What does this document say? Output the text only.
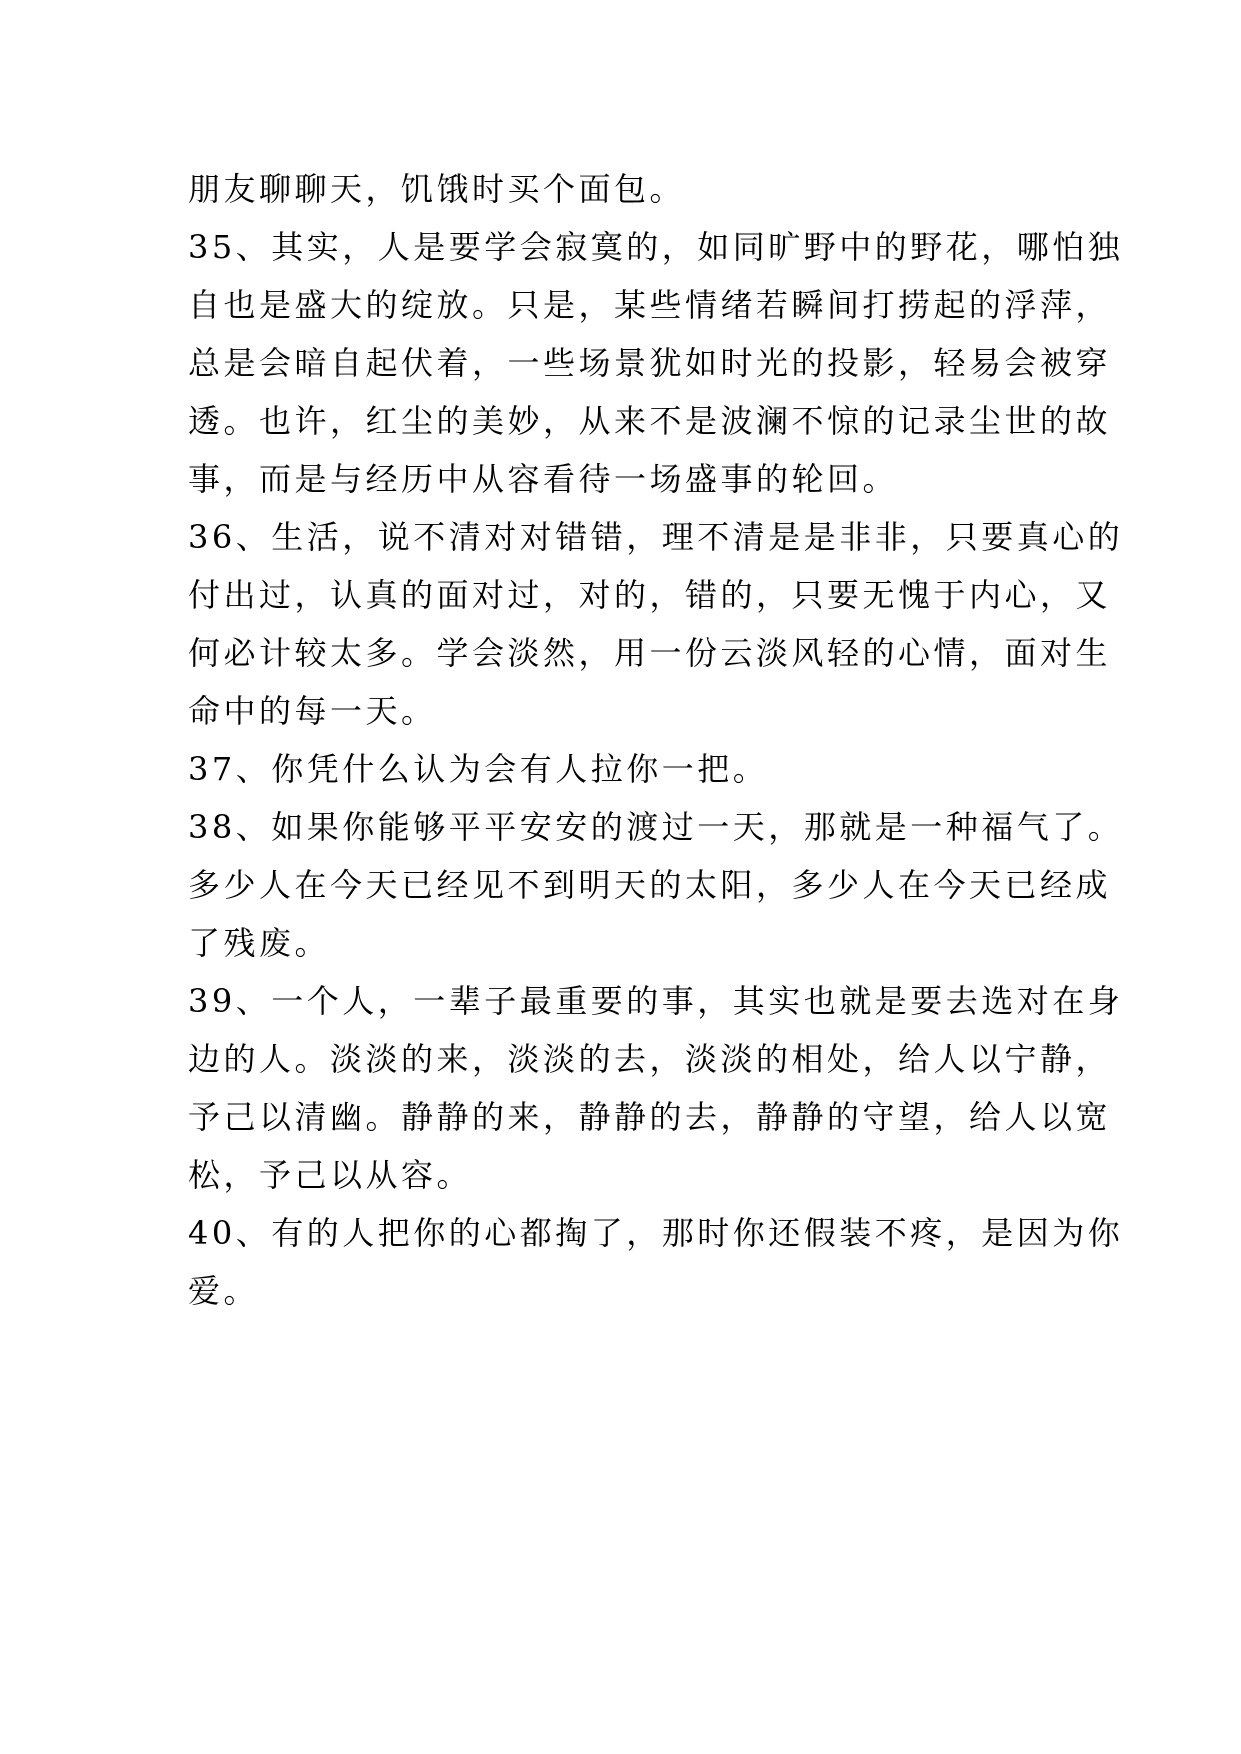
朋友聊聊天，饥饿时买个面包。
35、其实，人是要学会寂寞的，如同旷野中的野花，哪怕独
自也是盛大的绽放。只是，某些情绪若瞬间打捞起的浮萍，
总是会暗自起伏着，一些场景犹如时光的投影，轻易会被穿
透。也许，红尘的美妙，从来不是波澜不惊的记录尘世的故
事，而是与经历中从容看待一场盛事的轮回。
36、生活，说不清对对错错，理不清是是非非，只要真心的
付出过，认真的面对过，对的，错的，只要无愧于内心，又
何必计较太多。学会淡然，用一份云淡风轻的心情，面对生
命中的每一天。
37、你凭什么认为会有人拉你一把。
38、如果你能够平平安安的渡过一天，那就是一种福气了。
多少人在今天已经见不到明天的太阳，多少人在今天已经成
了残废。
39、一个人，一辈子最重要的事，其实也就是要去选对在身
边的人。淡淡的来，淡淡的去，淡淡的相处，给人以宁静，
予己以清幽。静静的来，静静的去，静静的守望，给人以宽
松，予己以从容。
40、有的人把你的心都掏了，那时你还假装不疼，是因为你
爱。
